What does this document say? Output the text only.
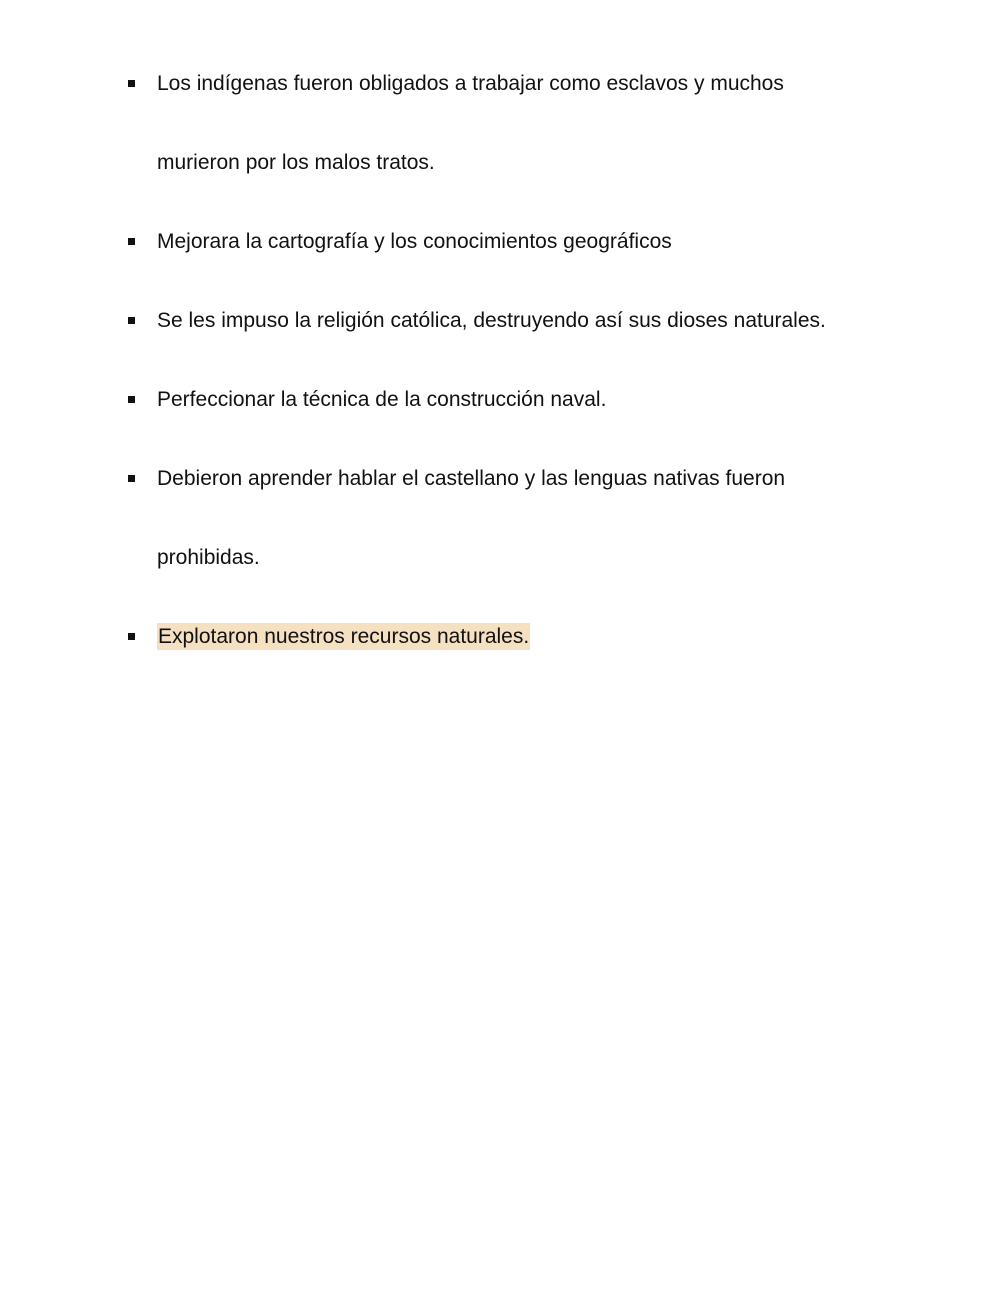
Los indígenas fueron obligados a trabajar como esclavos y muchos
murieron por los malos tratos.
Mejorara la cartografía y los conocimientos geográficos
Se les impuso la religión católica, destruyendo así sus dioses naturales.
Perfeccionar la técnica de la construcción naval.
Debieron aprender hablar el castellano y las lenguas nativas fueron
prohibidas.
Explotaron nuestros recursos naturales.
